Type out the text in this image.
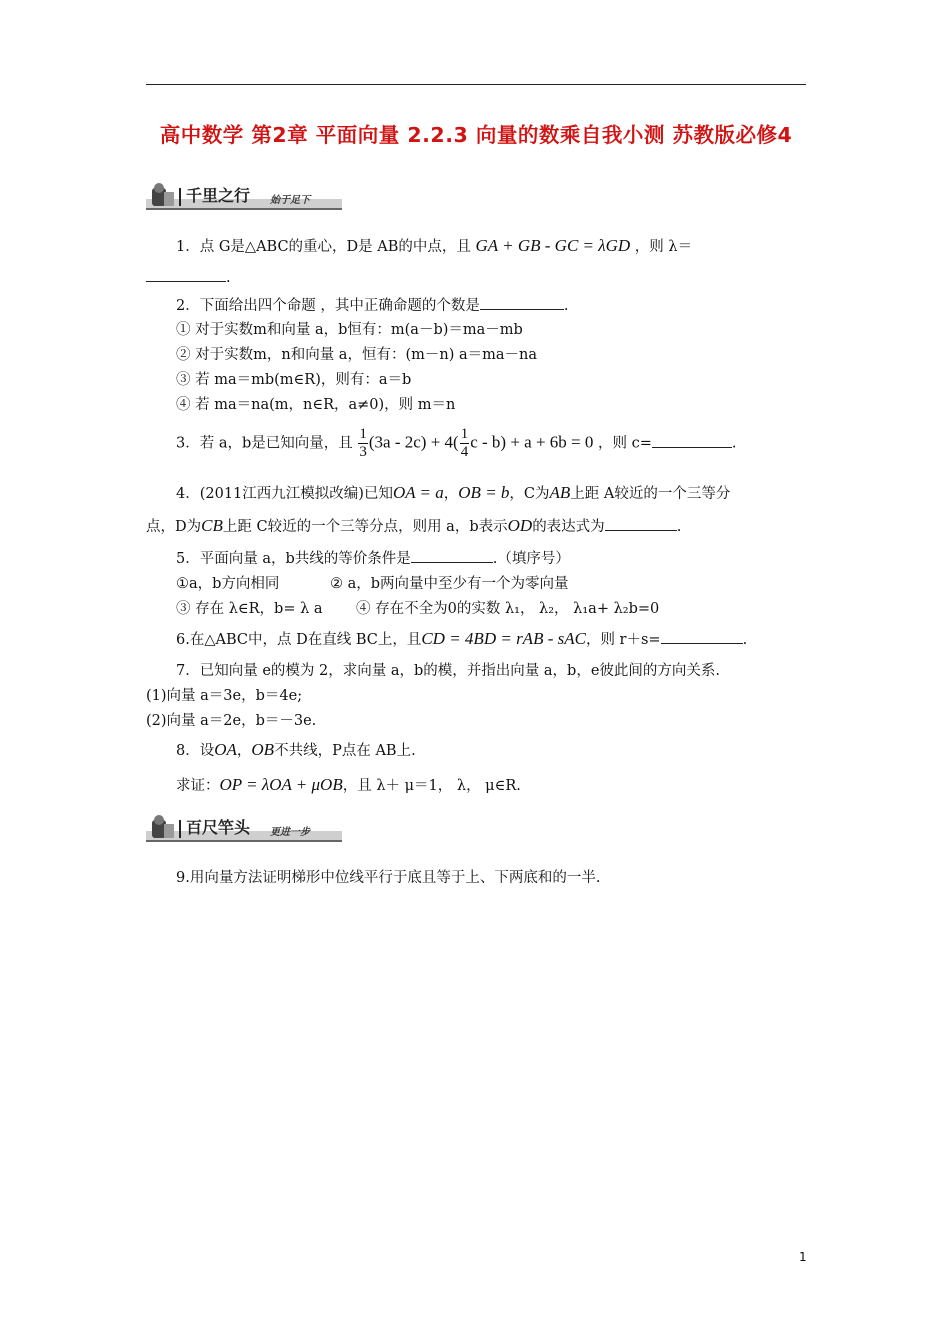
高中数学 第2章 平面向量 2.2.3 向量的数乘自我小测 苏教版必修4
千里之行 始于足下
1．点 G是△ABC的重心，D是 AB的中点，且 GA + GB - GC = λGD ，则 λ＝
.
2．下面给出四个命题 ，其中正确命题的个数是	.
① 对于实数m和向量 a，b恒有：m(a－b)＝ma－mb
② 对于实数m，n和向量 a，恒有：(m－n) a＝ma－na
③ 若 ma＝mb(m∈R)，则有：a＝b
④ 若 ma＝na(m，n∈R，a≠0)，则 m＝n
3．若 a，b是已知向量，且 $\frac{1}{3} (3a - 2c) + 4( \frac{1}{4}$ c - b) + a + 6b = 0 ，则 c=	.
4．(2011江西九江模拟改编)已知OA = a，OB = b，C为AB上距 A较近的一个三等分
点，D为CB上距 C较近的一个三等分点，则用 a，b表示OD的表达式为	.
5．平面向量 a，b共线的等价条件是	.（填序号）
①a，b方向相同	② a，b两向量中至少有一个为零向量
③ 存在 λ∈R，b= λ a ④ 存在不全为0的实数 λ₁， λ₂， λ₁a+ λ₂b=0
6.在△ABC中，点 D在直线 BC上，且CD = 4BD = rAB - sAC，则 r＋s=	.
7．已知向量 e的模为 2，求向量 a，b的模，并指出向量 a，b，e彼此间的方向关系.
(1)向量 a＝3e，b＝4e;
(2)向量 a＝2e，b＝－3e.
8．设OA，OB不共线，P点在 AB上.
求证：OP = λOA + μOB，且 λ＋ μ＝1， λ， μ∈R.
百尺竿头 更进一步
9.用向量方法证明梯形中位线平行于底且等于上、下两底和的一半.
1
